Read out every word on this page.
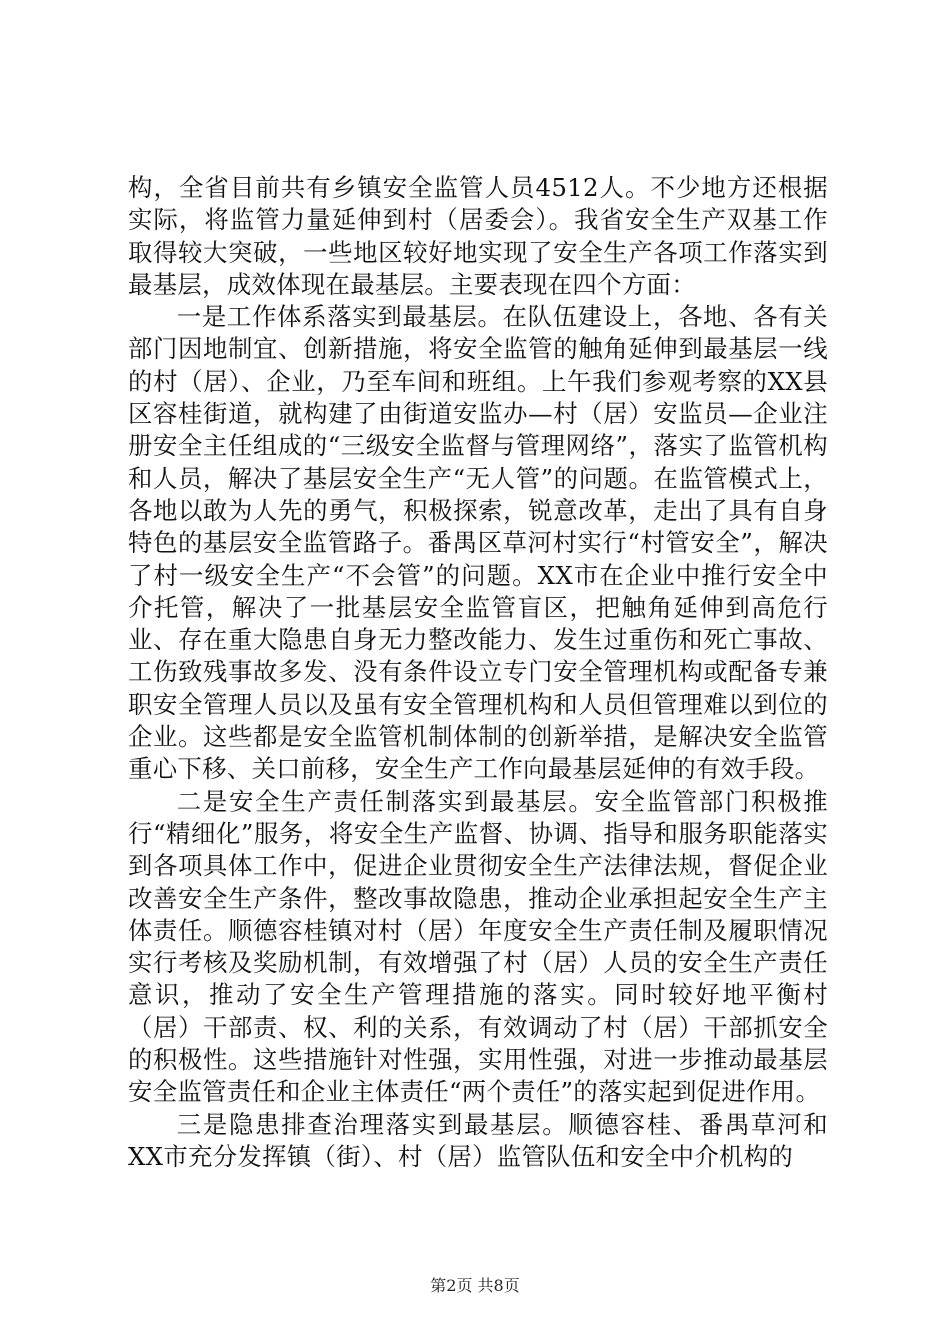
构，全省目前共有乡镇安全监管人员4512人。不少地方还根据实际，将监管力量延伸到村（居委会）。我省安全生产双基工作取得较大突破，一些地区较好地实现了安全生产各项工作落实到最基层，成效体现在最基层。主要表现在四个方面：

一是工作体系落实到最基层。在队伍建设上，各地、各有关部门因地制宜、创新措施，将安全监管的触角延伸到最基层一线的村（居）、企业，乃至车间和班组。上午我们参观考察的XX县区容桂街道，就构建了由街道安监办—村（居）安监员—企业注册安全主任组成的“三级安全监督与管理网络”，落实了监管机构和人员，解决了基层安全生产“无人管”的问题。在监管模式上，各地以敢为人先的勇气，积极探索，锐意改革，走出了具有自身特色的基层安全监管路子。番禺区草河村实行“村管安全”，解决了村一级安全生产“不会管”的问题。XX市在企业中推行安全中介托管，解决了一批基层安全监管盲区，把触角延伸到高危行业、存在重大隐患自身无力整改能力、发生过重伤和死亡事故、工伤致残事故多发、没有条件设立专门安全管理机构或配备专兼职安全管理人员以及虽有安全管理机构和人员但管理难以到位的企业。这些都是安全监管机制体制的创新举措，是解决安全监管重心下移、关口前移，安全生产工作向最基层延伸的有效手段。

二是安全生产责任制落实到最基层。安全监管部门积极推行“精细化”服务，将安全生产监督、协调、指导和服务职能落实到各项具体工作中，促进企业贯彻安全生产法律法规，督促企业改善安全生产条件，整改事故隐患，推动企业承担起安全生产主体责任。顺德容桂镇对村（居）年度安全生产责任制及履职情况实行考核及奖励机制，有效增强了村（居）人员的安全生产责任意识，推动了安全生产管理措施的落实。同时较好地平衡村（居）干部责、权、利的关系，有效调动了村（居）干部抓安全的积极性。这些措施针对性强，实用性强，对进一步推动最基层安全监管责任和企业主体责任“两个责任”的落实起到促进作用。

三是隐患排查治理落实到最基层。顺德容桂、番禺草河和XX市充分发挥镇（街）、村（居）监管队伍和安全中介机构的

第2页 共8页
